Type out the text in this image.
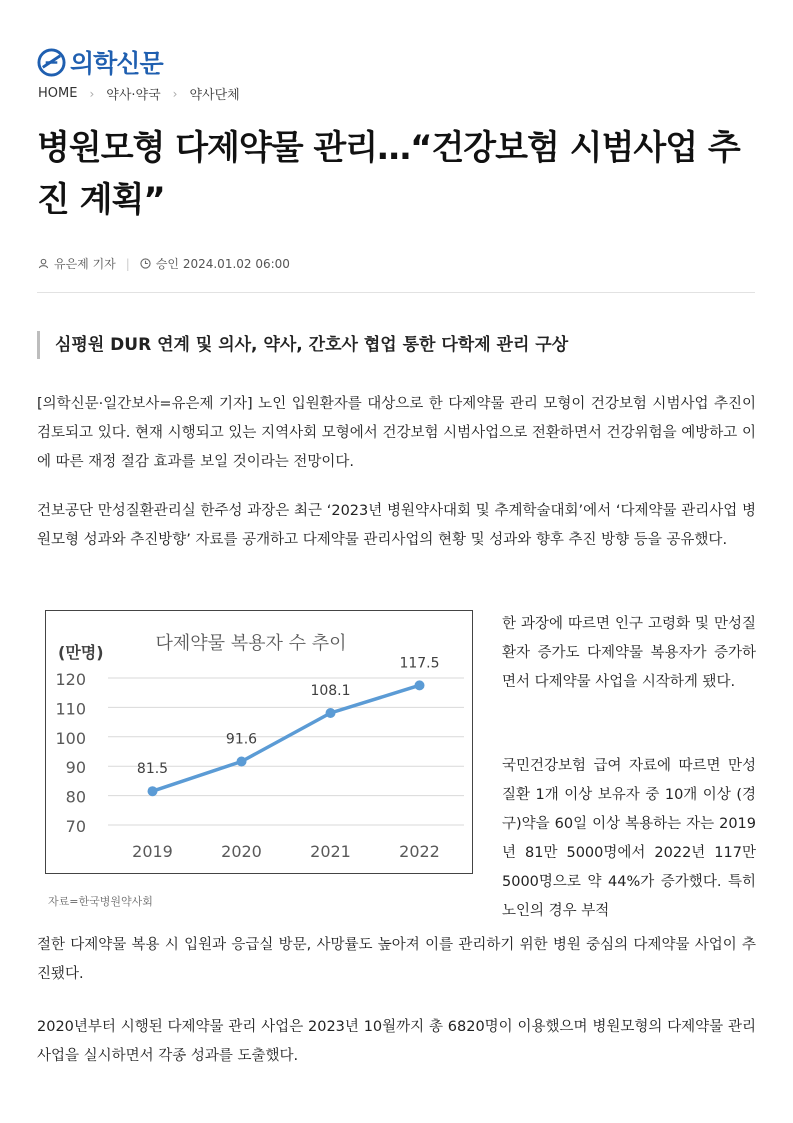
의학신문
HOME › 약사·약국 › 약사단체
병원모형 다제약물 관리…“건강보험 시범사업 추진 계획”
유은제 기자 | 승인 2024.01.02 06:00
심평원 DUR 연계 및 의사, 약사, 간호사 협업 통한 다학제 관리 구상

[의학신문·일간보사=유은제 기자] 노인 입원환자를 대상으로 한 다제약물 관리 모형이 건강보험 시범사업 추진이 검토되고 있다. 현재 시행되고 있는 지역사회 모형에서 건강보험 시범사업으로 전환하면서 건강위험을 예방하고 이에 따른 재정 절감 효과를 보일 것이라는 전망이다.

건보공단 만성질환관리실 한주성 과장은 최근 ‘2023년 병원약사대회 및 추계학술대회’에서 ‘다제약물 관리사업 병원모형 성과와 추진방향’ 자료를 공개하고 다제약물 관리사업의 현황 및 성과와 향후 추진 방향 등을 공유했다.

다제약물 복용자 수 추이
(만명)
70
80
90
100
110
120
2019	2020	2021	2022
81.5
91.6
108.1
117.5
자료=한국병원약사회

한 과장에 따르면 인구 고령화 및 만성질환자 증가도 다제약물 복용자가 증가하면서 다제약물 사업을 시작하게 됐다.

국민건강보험 급여 자료에 따르면 만성질환 1개 이상 보유자 중 10개 이상 (경구)약을 60일 이상 복용하는 자는 2019년 81만 5000명에서 2022년 117만 5000명으로 약 44%가 증가했다. 특히 노인의 경우 부적

절한 다제약물 복용 시 입원과 응급실 방문, 사망률도 높아져 이를 관리하기 위한 병원 중심의 다제약물 사업이 추진됐다.

2020년부터 시행된 다제약물 관리 사업은 2023년 10월까지 총 6820명이 이용했으며 병원모형의 다제약물 관리사업을 실시하면서 각종 성과를 도출했다.
